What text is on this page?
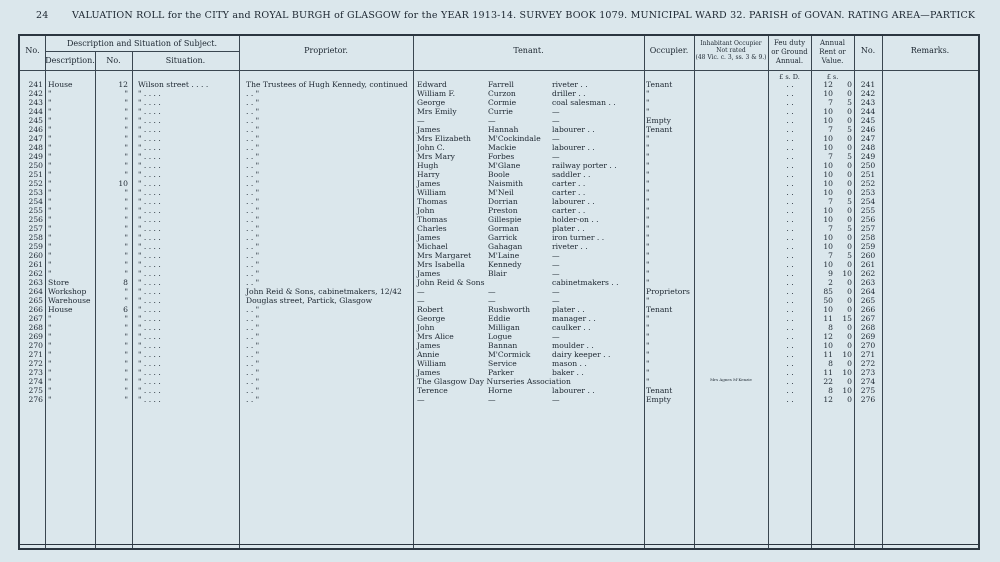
24 VALUATION ROLL for the CITY and ROYAL BURGH of GLASGOW for the YEAR 1913-14. SURVEY BOOK 1079. MUNICIPAL WARD 32. PARISH of GOVAN. RATING AREA—PARTICK
No.
Description and Situation of Subject.
Description.	No.	Situation.
Proprietor.	Tenant.	Occupier.
Inhabitant Occupier
Not rated
(48 Vic. c. 3, ss. 3 & 9.)
Feu duty
or Ground
Annual.
Annual
Rent or
Value.
No.	Remarks.
£ s. D.	£ s.
241 House	12 Wilson street . . . .	The Trustees of Hugh Kennedy, continued	Edward	Farrell	riveter . .	Tenant	. .	12	0	241
242 "	" " . . . .	. . "	William F.	Curzon	driller . .	"	. .	10	0	242
243 "	" " . . . .	. . "	George	Cormie	coal salesman . .	"	. .	7	5	243
244 "	" " . . . .	. . "	Mrs Emily	Currie	—	"	. .	10	0	244
245 "	" " . . . .	. . "	—	—	—	Empty	. .	10	0	245
246 "	" " . . . .	. . "	James	Hannah	labourer . .	Tenant	. .	7	5	246
247 "	" " . . . .	. . "	Mrs Elizabeth	M'Cockindale	—	"	. .	10	0	247
248 "	" " . . . .	. . "	John C.	Mackie	labourer . .	"	. .	10	0	248
249 "	" " . . . .	. . "	Mrs Mary	Forbes	—	"	. .	7	5	249
250 "	" " . . . .	. . "	Hugh	M'Glane	railway porter . .	"	. .	10	0	250
251 "	" " . . . .	. . "	Harry	Boole	saddler . .	"	. .	10	0	251
252 "	10 " . . . .	. . "	James	Naismith	carter . .	"	. .	10	0	252
253 "	" " . . . .	. . "	William	M'Neil	carter . .	"	. .	10	0	253
254 "	" " . . . .	. . "	Thomas	Dorrian	labourer . .	"	. .	7	5	254
255 "	" " . . . .	. . "	John	Preston	carter . .	"	. .	10	0	255
256 "	" " . . . .	. . "	Thomas	Gillespie	holder-on . .	"	. .	10	0	256
257 "	" " . . . .	. . "	Charles	Gorman	plater . .	"	. .	7	5	257
258 "	" " . . . .	. . "	James	Garrick	iron turner . .	"	. .	10	0	258
259 "	" " . . . .	. . "	Michael	Gahagan	riveter . .	"	. .	10	0	259
260 "	" " . . . .	. . "	Mrs Margaret	M'Laine	—	"	. .	7	5	260
261 "	" " . . . .	. . "	Mrs Isabella	Kennedy	—	"	. .	10	0	261
262 "	" " . . . .	. . "	James	Blair	—	"	. .	9	10	262
263 Store	8 " . . . .	. . "	John Reid & Sons	cabinetmakers . .	"	. .	2	0	263
264 Workshop	" " . . . .	John Reid & Sons, cabinetmakers, 12/42	—	—	—	Proprietors	. .	85	0	264
265 Warehouse	" " . . . .	Douglas street, Partick, Glasgow	—	—	—	"	. .	50	0	265
266 House	6 " . . . .	. . "	Robert	Rushworth	plater . .	Tenant	. .	10	0	266
267 "	" " . . . .	. . "	George	Eddie	manager . .	"	. .	11	15	267
268 "	" " . . . .	. . "	John	Milligan	caulker . .	"	. .	8	0	268
269 "	" " . . . .	. . "	Mrs Alice	Logue	—	"	. .	12	0	269
270 "	" " . . . .	. . "	James	Bannan	moulder . .	"	. .	10	0	270
271 "	" " . . . .	. . "	Annie	M'Cormick	dairy keeper . .	"	. .	11	10	271
272 "	" " . . . .	. . "	William	Service	mason . .	"	. .	8	0	272
273 "	" " . . . .	. . "	James	Parker	baker . .	"	. .	11	10	273
274 "	" " . . . .	. . "	The Glasgow Day Nurseries Association	"	Mrs Agnes M'Kenzie	. .	22	0	274
275 "	" " . . . .	. . "	Terence	Horne	labourer . .	Tenant	. .	8	10	275
276 "	" " . . . .	. . "	—	—	—	Empty	. .	12	0	276
